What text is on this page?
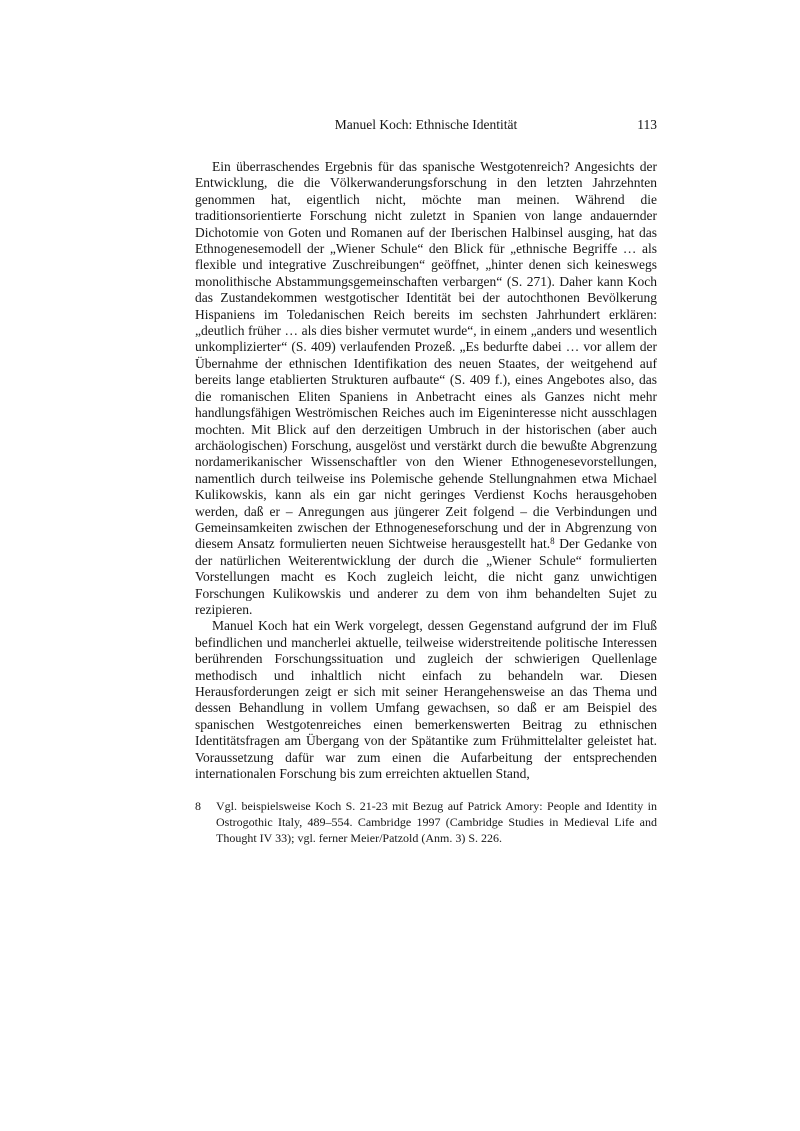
Manuel Koch: Ethnische Identität	113

Ein überraschendes Ergebnis für das spanische Westgotenreich? Angesichts der Entwicklung, die die Völkerwanderungsforschung in den letzten Jahrzehnten genommen hat, eigentlich nicht, möchte man meinen. Während die traditionsorientierte Forschung nicht zuletzt in Spanien von lange andauernder Dichotomie von Goten und Romanen auf der Iberischen Halbinsel ausging, hat das Ethnogenesemodell der „Wiener Schule“ den Blick für „ethnische Begriffe … als flexible und integrative Zuschreibungen“ geöffnet, „hinter denen sich keineswegs monolithische Abstammungsgemeinschaften verbargen“ (S. 271). Daher kann Koch das Zustandekommen westgotischer Identität bei der autochthonen Bevölkerung Hispaniens im Toledanischen Reich bereits im sechsten Jahrhundert erklären: „deutlich früher … als dies bisher vermutet wurde“, in einem „anders und wesentlich unkomplizierter“ (S. 409) verlaufenden Prozeß. „Es bedurfte dabei … vor allem der Übernahme der ethnischen Identifikation des neuen Staates, der weitgehend auf bereits lange etablierten Strukturen aufbaute“ (S. 409 f.), eines Angebotes also, das die romanischen Eliten Spaniens in Anbetracht eines als Ganzes nicht mehr handlungsfähigen Weströmischen Reiches auch im Eigeninteresse nicht ausschlagen mochten. Mit Blick auf den derzeitigen Umbruch in der historischen (aber auch archäologischen) Forschung, ausgelöst und verstärkt durch die bewußte Abgrenzung nordamerikanischer Wissenschaftler von den Wiener Ethnogenesevorstellungen, namentlich durch teilweise ins Polemische gehende Stellungnahmen etwa Michael Kulikowskis, kann als ein gar nicht geringes Verdienst Kochs herausgehoben werden, daß er – Anregungen aus jüngerer Zeit folgend – die Verbindungen und Gemeinsamkeiten zwischen der Ethnogeneseforschung und der in Abgrenzung von diesem Ansatz formulierten neuen Sichtweise herausgestellt hat.$^8$ Der Gedanke von der natürlichen Weiterentwicklung der durch die „Wiener Schule“ formulierten Vorstellungen macht es Koch zugleich leicht, die nicht ganz unwichtigen Forschungen Kulikowskis und anderer zu dem von ihm behandelten Sujet zu rezipieren.

Manuel Koch hat ein Werk vorgelegt, dessen Gegenstand aufgrund der im Fluß befindlichen und mancherlei aktuelle, teilweise widerstreitende politische Interessen berührenden Forschungssituation und zugleich der schwierigen Quellenlage methodisch und inhaltlich nicht einfach zu behandeln war. Diesen Herausforderungen zeigt er sich mit seiner Herangehensweise an das Thema und dessen Behandlung in vollem Umfang gewachsen, so daß er am Beispiel des spanischen Westgotenreiches einen bemerkenswerten Beitrag zu ethnischen Identitätsfragen am Übergang von der Spätantike zum Frühmittelalter geleistet hat. Voraussetzung dafür war zum einen die Aufarbeitung der entsprechenden internationalen Forschung bis zum erreichten aktuellen Stand,

8	Vgl. beispielsweise Koch S. 21-23 mit Bezug auf Patrick Amory: People and Identity in Ostrogothic Italy, 489–554. Cambridge 1997 (Cambridge Studies in Medieval Life and Thought IV 33); vgl. ferner Meier/Patzold (Anm. 3) S. 226.
